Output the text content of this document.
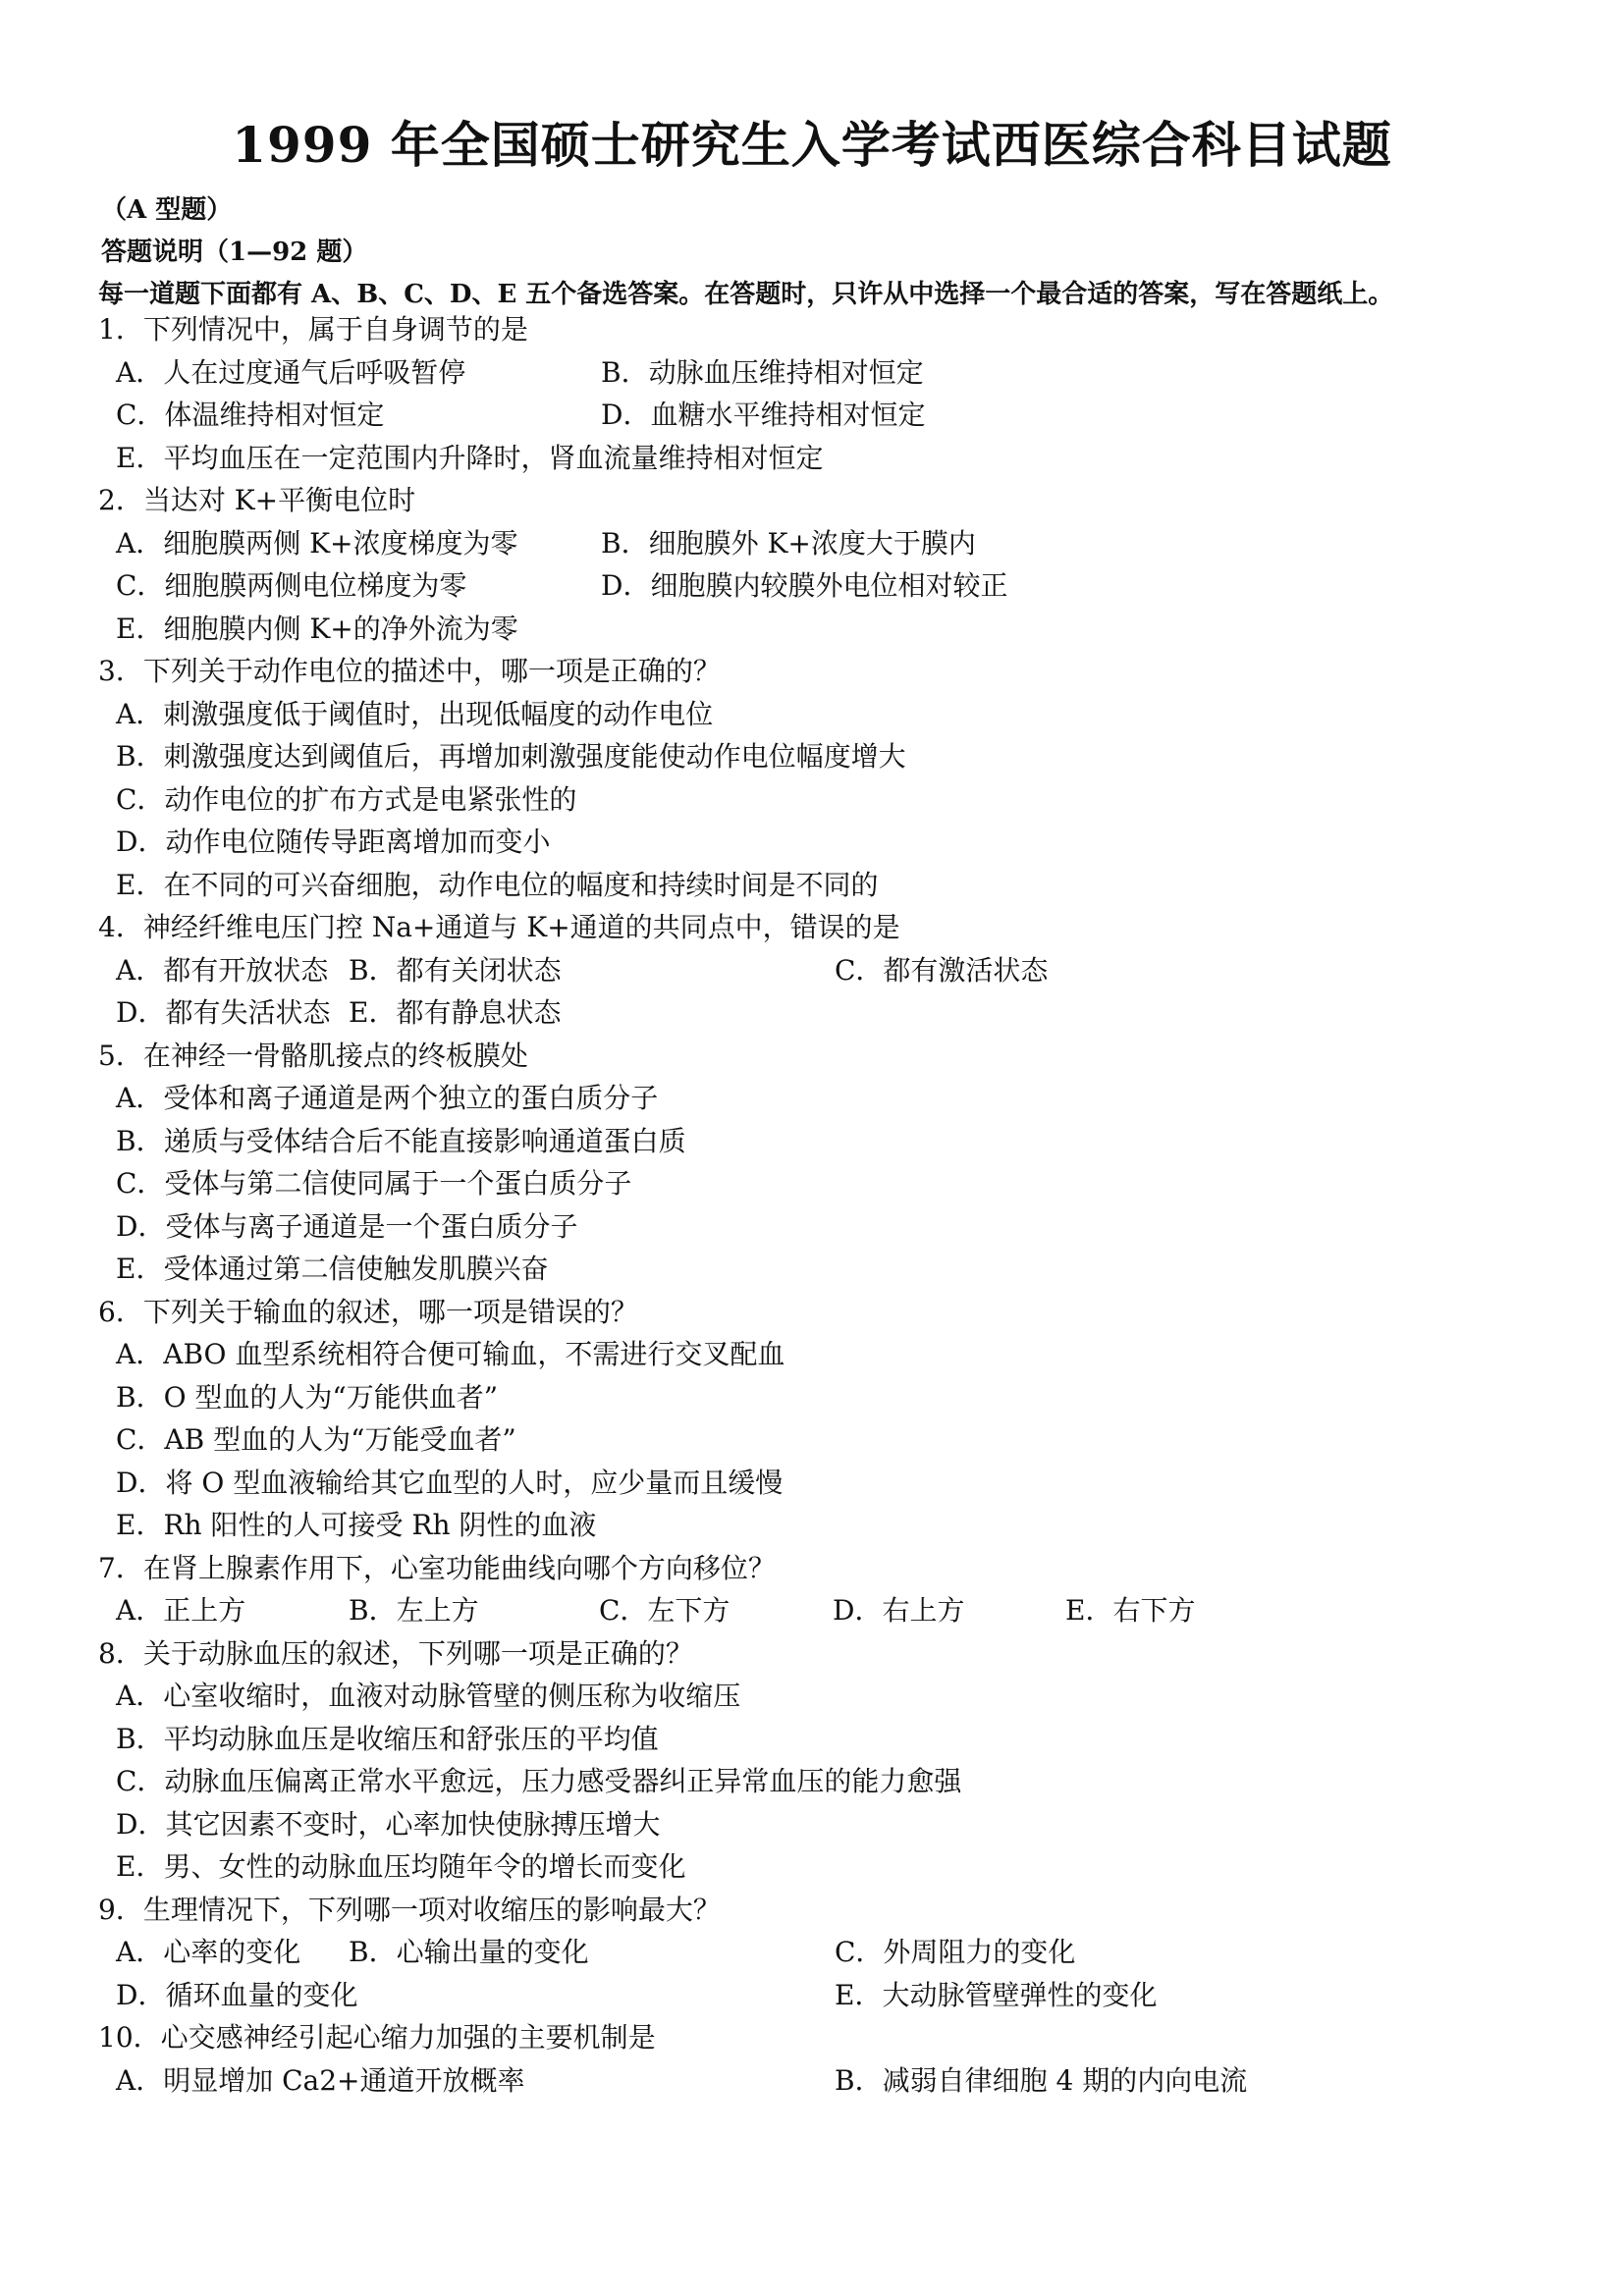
1999 年全国硕士研究生入学考试西医综合科目试题
（A 型题）
答题说明（1—92 题）
每一道题下面都有 A、B、C、D、E 五个备选答案。在答题时，只许从中选择一个最合适的答案，写在答题纸上。
1．下列情况中，属于自身调节的是
A．人在过度通气后呼吸暂停	B．动脉血压维持相对恒定
C．体温维持相对恒定	D．血糖水平维持相对恒定
E．平均血压在一定范围内升降时，肾血流量维持相对恒定
2．当达对 K+平衡电位时
A．细胞膜两侧 K+浓度梯度为零	B．细胞膜外 K+浓度大于膜内
C．细胞膜两侧电位梯度为零	D．细胞膜内较膜外电位相对较正
E．细胞膜内侧 K+的净外流为零
3．下列关于动作电位的描述中，哪一项是正确的？
A．刺激强度低于阈值时，出现低幅度的动作电位
B．刺激强度达到阈值后，再增加刺激强度能使动作电位幅度增大
C．动作电位的扩布方式是电紧张性的
D．动作电位随传导距离增加而变小
E．在不同的可兴奋细胞，动作电位的幅度和持续时间是不同的
4．神经纤维电压门控 Na+通道与 K+通道的共同点中，错误的是
A．都有开放状态 B．都有关闭状态	C．都有激活状态
D．都有失活状态 E．都有静息状态
5．在神经一骨骼肌接点的终板膜处
A．受体和离子通道是两个独立的蛋白质分子
B．递质与受体结合后不能直接影响通道蛋白质
C．受体与第二信使同属于一个蛋白质分子
D．受体与离子通道是一个蛋白质分子
E．受体通过第二信使触发肌膜兴奋
6．下列关于输血的叙述，哪一项是错误的？
A．ABO 血型系统相符合便可输血，不需进行交叉配血
B．O 型血的人为“万能供血者”
C．AB 型血的人为“万能受血者”
D．将 O 型血液输给其它血型的人时，应少量而且缓慢
E．Rh 阳性的人可接受 Rh 阴性的血液
7．在肾上腺素作用下，心室功能曲线向哪个方向移位？
A．正上方	B．左上方	C．左下方	D．右上方	E．右下方
8．关于动脉血压的叙述，下列哪一项是正确的？
A．心室收缩时，血液对动脉管壁的侧压称为收缩压
B．平均动脉血压是收缩压和舒张压的平均值
C．动脉血压偏离正常水平愈远，压力感受器纠正异常血压的能力愈强
D．其它因素不变时，心率加快使脉搏压增大
E．男、女性的动脉血压均随年令的增长而变化
9．生理情况下，下列哪一项对收缩压的影响最大？
A．心率的变化 B．心输出量的变化	C．外周阻力的变化
D．循环血量的变化	E．大动脉管壁弹性的变化
10．心交感神经引起心缩力加强的主要机制是
A．明显增加 Ca2+通道开放概率	B．减弱自律细胞 4 期的内向电流
